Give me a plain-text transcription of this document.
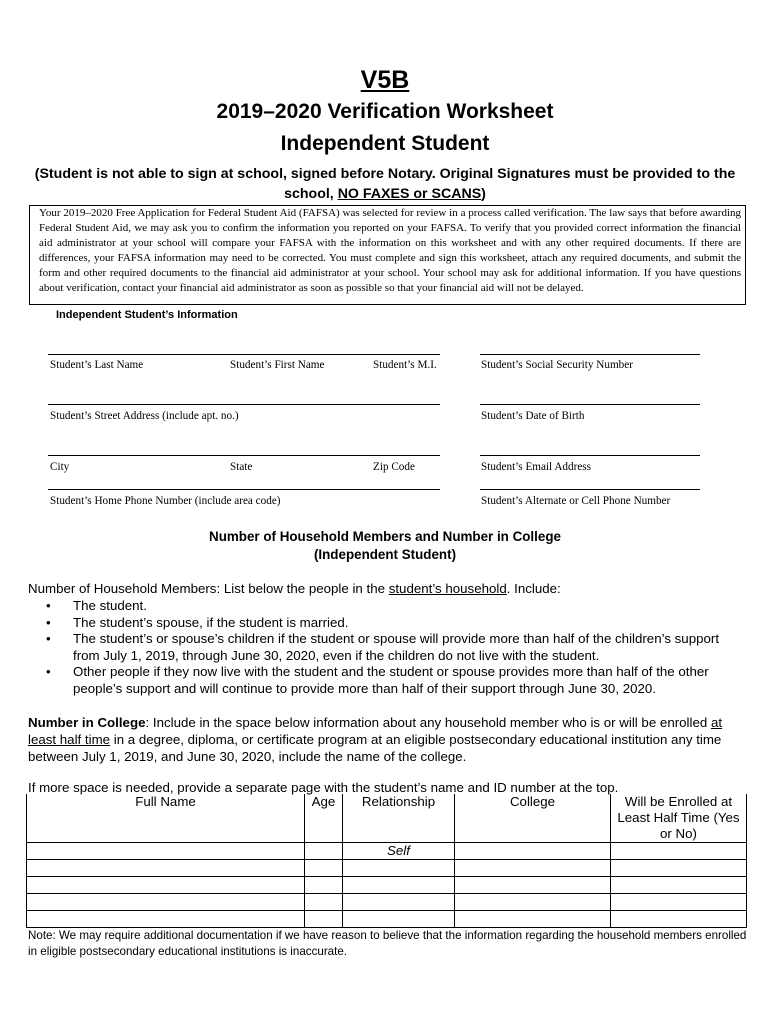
V5B
2019–2020 Verification Worksheet
Independent Student
(Student is not able to sign at school, signed before Notary. Original Signatures must be provided to the school, NO FAXES or SCANS)
Your 2019–2020 Free Application for Federal Student Aid (FAFSA) was selected for review in a process called verification. The law says that before awarding Federal Student Aid, we may ask you to confirm the information you reported on your FAFSA. To verify that you provided correct information the financial aid administrator at your school will compare your FAFSA with the information on this worksheet and with any other required documents. If there are differences, your FAFSA information may need to be corrected. You must complete and sign this worksheet, attach any required documents, and submit the form and other required documents to the financial aid administrator at your school. Your school may ask for additional information. If you have questions about verification, contact your financial aid administrator as soon as possible so that your financial aid will not be delayed.
Independent Student’s Information
Student’s Last Name	Student’s First Name	Student’s M.I.	Student’s Social Security Number
Student’s Street Address (include apt. no.)	Student’s Date of Birth
City	State	Zip Code	Student’s Email Address
Student’s Home Phone Number (include area code)	Student’s Alternate or Cell Phone Number
Number of Household Members and Number in College
(Independent Student)
Number of Household Members: List below the people in the student’s household. Include:
• The student.
• The student’s spouse, if the student is married.
• The student’s or spouse’s children if the student or spouse will provide more than half of the children’s support from July 1, 2019, through June 30, 2020, even if the children do not live with the student.
• Other people if they now live with the student and the student or spouse provides more than half of the other people’s support and will continue to provide more than half of their support through June 30, 2020.
Number in College: Include in the space below information about any household member who is or will be enrolled at least half time in a degree, diploma, or certificate program at an eligible postsecondary educational institution any time between July 1, 2019, and June 30, 2020, include the name of the college.
If more space is needed, provide a separate page with the student’s name and ID number at the top.
Full Name	Age	Relationship	College	Will be Enrolled at Least Half Time (Yes or No)
		Self		

Note: We may require additional documentation if we have reason to believe that the information regarding the household members enrolled in eligible postsecondary educational institutions is inaccurate.
